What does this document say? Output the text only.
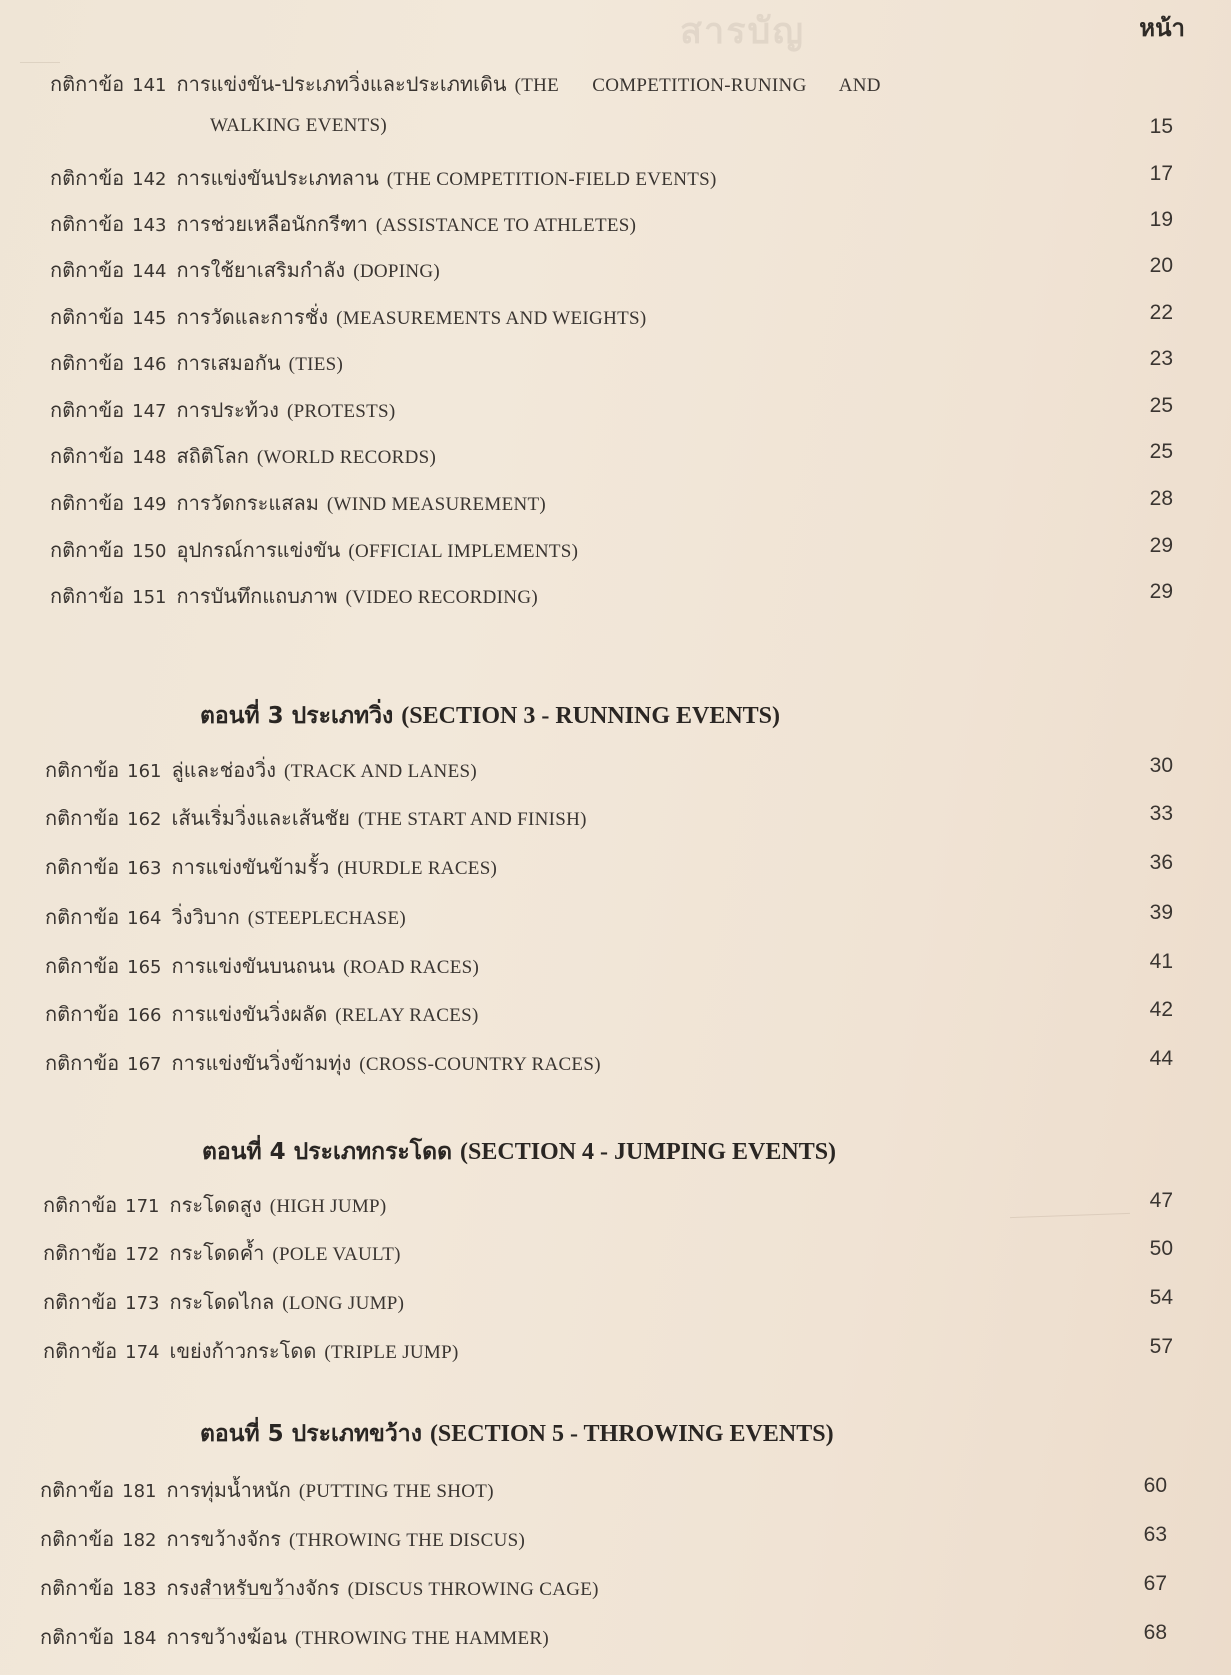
สารบัญ	หน้า
กติกาข้อ 141 การแข่งขัน-ประเภทวิ่งและประเภทเดิน (THE   COMPETITION-RUNING   AND
WALKING EVENTS)	15
กติกาข้อ 142 การแข่งขันประเภทลาน (THE COMPETITION-FIELD EVENTS)	17
กติกาข้อ 143 การช่วยเหลือนักกรีฑา (ASSISTANCE TO ATHLETES)	19
กติกาข้อ 144 การใช้ยาเสริมกำลัง (DOPING)	20
กติกาข้อ 145 การวัดและการชั่ง (MEASUREMENTS AND WEIGHTS)	22
กติกาข้อ 146 การเสมอกัน (TIES)	23
กติกาข้อ 147 การประท้วง (PROTESTS)	25
กติกาข้อ 148 สถิติโลก (WORLD RECORDS)	25
กติกาข้อ 149 การวัดกระแสลม (WIND MEASUREMENT)	28
กติกาข้อ 150 อุปกรณ์การแข่งขัน (OFFICIAL IMPLEMENTS)	29
กติกาข้อ 151 การบันทึกแถบภาพ (VIDEO RECORDING)	29
ตอนที่ 3 ประเภทวิ่ง (SECTION 3 - RUNNING EVENTS)
กติกาข้อ 161 ลู่และช่องวิ่ง (TRACK AND LANES)	30
กติกาข้อ 162 เส้นเริ่มวิ่งและเส้นชัย (THE START AND FINISH)	33
กติกาข้อ 163 การแข่งขันข้ามรั้ว (HURDLE RACES)	36
กติกาข้อ 164 วิ่งวิบาก (STEEPLECHASE)	39
กติกาข้อ 165 การแข่งขันบนถนน (ROAD RACES)	41
กติกาข้อ 166 การแข่งขันวิ่งผลัด (RELAY RACES)	42
กติกาข้อ 167 การแข่งขันวิ่งข้ามทุ่ง (CROSS-COUNTRY RACES)	44
ตอนที่ 4 ประเภทกระโดด (SECTION 4 - JUMPING EVENTS)
กติกาข้อ 171 กระโดดสูง (HIGH JUMP)	47
กติกาข้อ 172 กระโดดค้ำ (POLE VAULT)	50
กติกาข้อ 173 กระโดดไกล (LONG JUMP)	54
กติกาข้อ 174 เขย่งก้าวกระโดด (TRIPLE JUMP)	57
ตอนที่ 5 ประเภทขว้าง (SECTION 5 - THROWING EVENTS)
กติกาข้อ 181 การทุ่มน้ำหนัก (PUTTING THE SHOT)	60
กติกาข้อ 182 การขว้างจักร (THROWING THE DISCUS)	63
กติกาข้อ 183 กรงสำหรับขว้างจักร (DISCUS THROWING CAGE)	67
กติกาข้อ 184 การขว้างฆ้อน (THROWING THE HAMMER)	68
